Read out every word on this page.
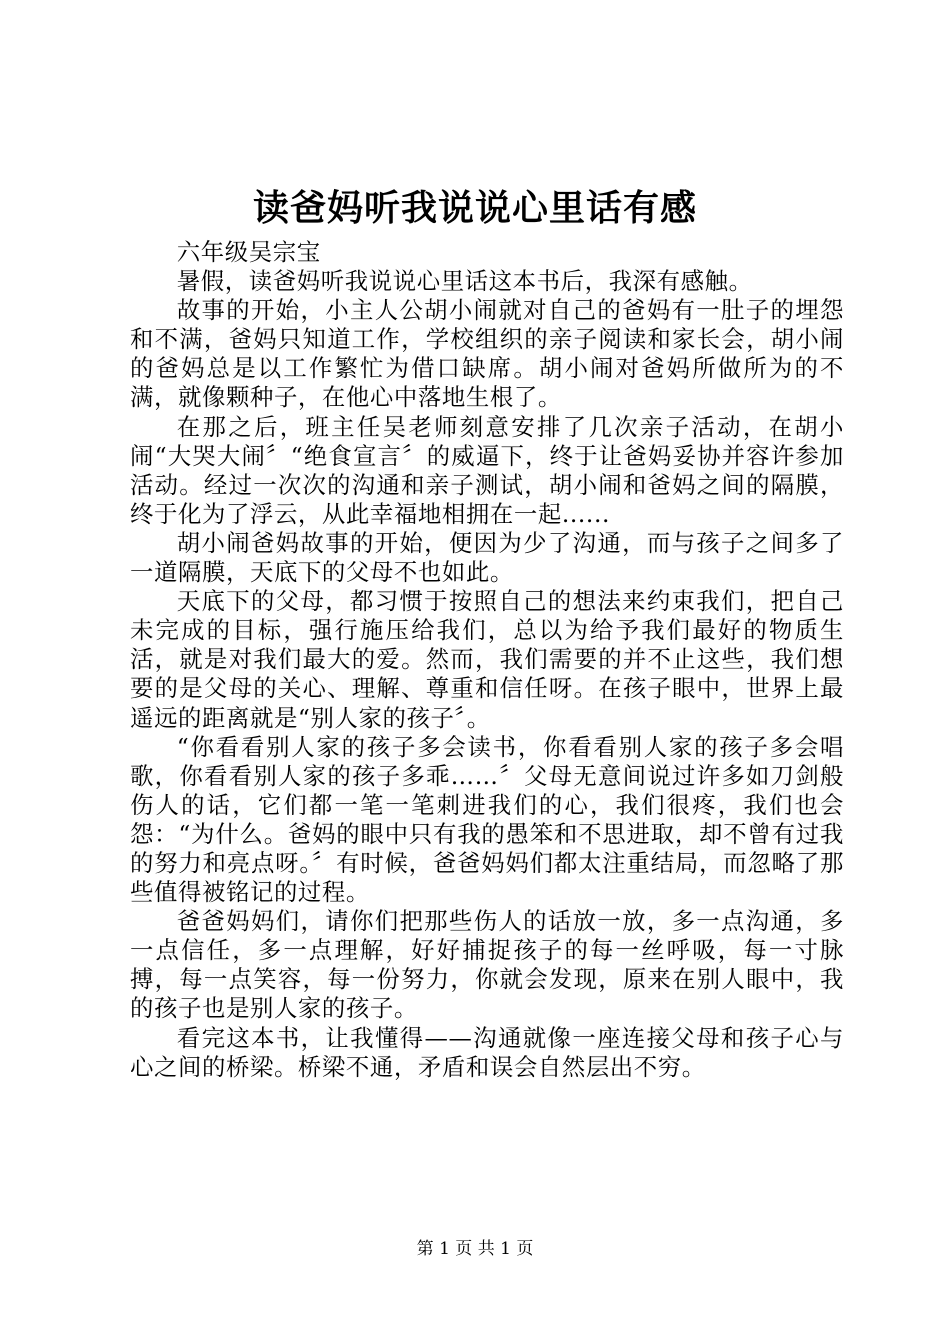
读爸妈听我说说心里话有感

六年级吴宗宝

暑假，读爸妈听我说说心里话这本书后，我深有感触。

故事的开始，小主人公胡小闹就对自己的爸妈有一肚子的埋怨和不满，爸妈只知道工作，学校组织的亲子阅读和家长会，胡小闹的爸妈总是以工作繁忙为借口缺席。胡小闹对爸妈所做所为的不满，就像颗种子，在他心中落地生根了。

在那之后，班主任吴老师刻意安排了几次亲子活动，在胡小闹“大哭大闹〞“绝食宣言〞的威逼下，终于让爸妈妥协并容许参加活动。经过一次次的沟通和亲子测试，胡小闹和爸妈之间的隔膜，终于化为了浮云，从此幸福地相拥在一起......

胡小闹爸妈故事的开始，便因为少了沟通，而与孩子之间多了一道隔膜，天底下的父母不也如此。

天底下的父母，都习惯于按照自己的想法来约束我们，把自己未完成的目标，强行施压给我们，总以为给予我们最好的物质生活，就是对我们最大的爱。然而，我们需要的并不止这些，我们想要的是父母的关心、理解、尊重和信任呀。在孩子眼中，世界上最遥远的距离就是“别人家的孩子〞。

“你看看别人家的孩子多会读书，你看看别人家的孩子多会唱歌，你看看别人家的孩子多乖……〞父母无意间说过许多如刀剑般伤人的话，它们都一笔一笔刺进我们的心，我们很疼，我们也会怨：“为什么。爸妈的眼中只有我的愚笨和不思进取，却不曾有过我的努力和亮点呀。〞有时候，爸爸妈妈们都太注重结局，而忽略了那些值得被铭记的过程。

爸爸妈妈们，请你们把那些伤人的话放一放，多一点沟通，多一点信任，多一点理解，好好捕捉孩子的每一丝呼吸，每一寸脉搏，每一点笑容，每一份努力，你就会发现，原来在别人眼中，我的孩子也是别人家的孩子。

看完这本书，让我懂得——沟通就像一座连接父母和孩子心与心之间的桥梁。桥梁不通，矛盾和误会自然层出不穷。

第 1 页 共 1 页
